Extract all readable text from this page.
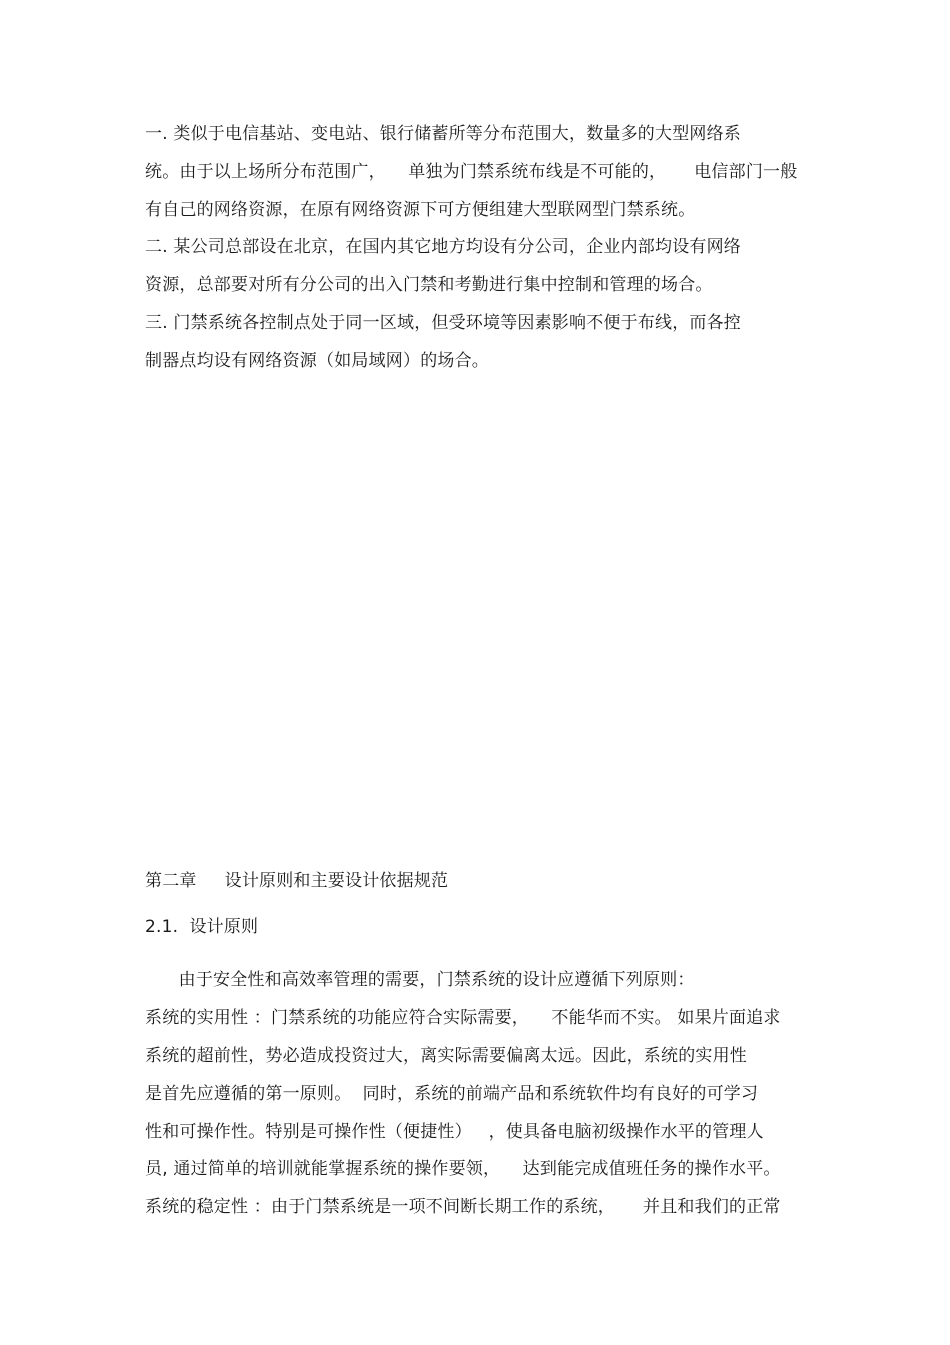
一. 类似于电信基站、变电站、银行储蓄所等分布范围大，数量多的大型网络系
统。由于以上场所分布范围广，    单独为门禁系统布线是不可能的，     电信部门一般
有自己的网络资源，在原有网络资源下可方便组建大型联网型门禁系统。
二. 某公司总部设在北京，在国内其它地方均设有分公司，企业内部均设有网络
资源，总部要对所有分公司的出入门禁和考勤进行集中控制和管理的场合。
三. 门禁系统各控制点处于同一区域，但受环境等因素影响不便于布线，而各控
制器点均设有网络资源（如局域网）的场合。
第二章     设计原则和主要设计依据规范
2.1.  设计原则
由于安全性和高效率管理的需要，门禁系统的设计应遵循下列原则：
系统的实用性 ：门禁系统的功能应符合实际需要，    不能华而不实。 如果片面追求
系统的超前性，势必造成投资过大，离实际需要偏离太远。因此，系统的实用性
是首先应遵循的第一原则。  同时，系统的前端产品和系统软件均有良好的可学习
性和可操作性。特别是可操作性（便捷性）   ，使具备电脑初级操作水平的管理人
员, 通过简单的培训就能掌握系统的操作要领，    达到能完成值班任务的操作水平。
系统的稳定性 ：由于门禁系统是一项不间断长期工作的系统，     并且和我们的正常
